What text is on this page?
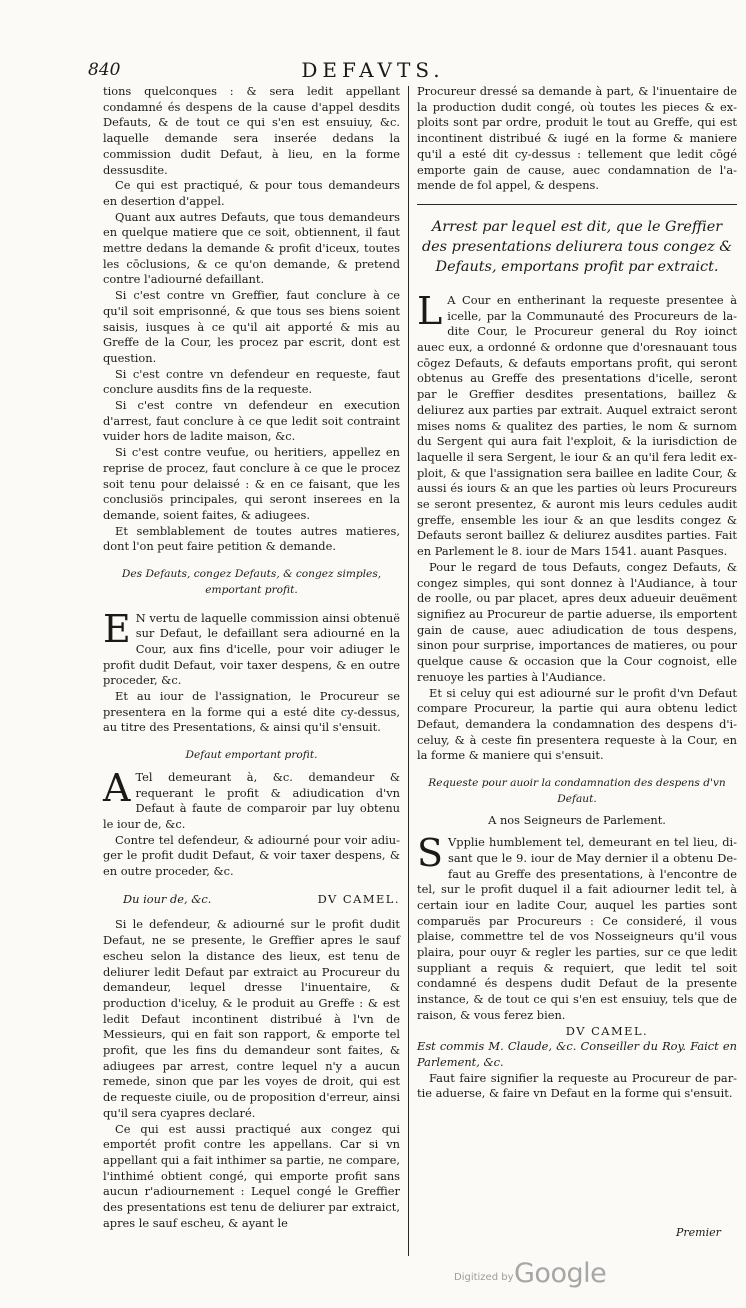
840	DEFAVTS.

tions quelconques : & sera ledit appellant condamné és despens de la cause d'appel desdits Defauts, & de tout ce qui s'en est ensuiuy, &c. laquelle demande sera inserée dedans la commission dudit Defaut, à lieu, en la forme dessusdite.

Ce qui est practiqué, & pour tous demandeurs en desertion d'appel.

Quant aux autres Defauts, que tous demandeurs en quelque matiere que ce soit, obtiennent, il faut mettre dedans la demande & profit d'iceux, toutes les cōclusions, & ce qu'on demande, & pretend contre l'adiourné defaillant.

Si c'est contre vn Greffier, faut conclure à ce qu'il soit emprisonné, & que tous ses biens soient saisis, iusques à ce qu'il ait apporté & mis au Greffe de la Cour, les procez par escrit, dont est question.

Si c'est contre vn defendeur en requeste, faut conclure ausdits fins de la requeste.

Si c'est contre vn defendeur en execution d'arrest, faut conclure à ce que ledit soit contraint vuider hors de ladite maison, &c.

Si c'est contre veufue, ou heritiers, appellez en reprise de procez, faut conclure à ce que le procez soit tenu pour delaissé : & en ce faisant, que les conclusiös principales, qui seront inserees en la demande, soient faites, & adiugees.

Et semblablement de toutes autres matieres, dont l'on peut faire petition & demande.

Des Defauts, congez Defauts, & congez simples, emportant profit.

E N vertu de laquelle commission ainsi obtenuë sur Defaut, le defaillant sera adiourné en la Cour, aux fins d'icelle, pour voir adiuger le profit dudit Defaut, voir taxer despens, & en outre proceder, &c.

Et au iour de l'assignation, le Procureur se presentera en la forme qui a esté dite cy-dessus, au titre des Presentations, & ainsi qu'il s'ensuit.

Defaut emportant profit.

A Tel demeurant à, &c. demandeur & requerant le profit & adiudication d'vn Defaut à faute de comparoir par luy obtenu le iour de, &c.

Contre tel defendeur, & adiourné pour voir adiuger le profit dudit Defaut, & voir taxer despens, & en outre proceder, &c.

Du iour de, &c.	DV CAMEL.

Si le defendeur, & adiourné sur le profit dudit Defaut, ne se presente, le Greffier apres le sauf escheu selon la distance des lieux, est tenu de deliurer ledit Defaut par extraict au Procureur du demandeur, lequel dresse l'inuentaire, & production d'iceluy, & le produit au Greffe : & est ledit Defaut incontinent distribué à l'vn de Messieurs, qui en fait son rapport, & emporte tel profit, que les fins du demandeur sont faites, & adiugees par arrest, contre lequel n'y a aucun remede, sinon que par les voyes de droit, qui est de requeste ciuile, ou de proposition d'erreur, ainsi qu'il sera cyapres declaré.

Ce qui est aussi practiqué aux congez qui emportét profit contre les appellans. Car si vn appellant qui a fait inthimer sa partie, ne compare, l'inthimé obtient congé, qui emporte profit sans aucun r'adiournement : Lequel congé le Greffier des presentations est tenu de deliurer par extraict, apres le sauf escheu, & ayant le

Procureur dressé sa demande à part, & l'inuentaire de la production dudit congé, où toutes les pieces & exploits sont par ordre, produit le tout au Greffe, qui est incontinent distribué & iugé en la forme & maniere qu'il a esté dit cy-dessus : tellement que ledit cōgé emporte gain de cause, auec condamnation de l'amende de fol appel, & despens.

Arrest par lequel est dit, que le Greffier des presentations deliurera tous congez & Defauts, emportans profit par extraict.

L A Cour en entherinant la requeste presentee à icelle, par la Communauté des Procureurs de ladite Cour, le Procureur general du Roy ioinct auec eux, a ordonné & ordonne que d'oresnauant tous cōgez Defauts, & defauts emportans profit, qui seront obtenus au Greffe des presentations d'icelle, seront par le Greffier desdites presentations, baillez & deliurez aux parties par extrait. Auquel extraict seront mises noms & qualitez des parties, le nom & surnom du Sergent qui aura fait l'exploit, & la iurisdiction de laquelle il sera Sergent, le iour & an qu'il fera ledit exploit, & que l'assignation sera baillee en ladite Cour, & aussi és iours & an que les parties où leurs Procureurs se seront presentez, & auront mis leurs cedules audit greffe, ensemble les iour & an que lesdits congez & Defauts seront baillez & deliurez ausdites parties. Fait en Parlement le 8. iour de Mars 1541. auant Pasques.

Pour le regard de tous Defauts, congez Defauts, & congez simples, qui sont donnez à l'Audiance, à tour de roolle, ou par placet, apres deux adueuir deuëment signifiez au Procureur de partie aduerse, ils emportent gain de cause, auec adiudication de tous despens, sinon pour surprise, importances de matieres, ou pour quelque cause & occasion que la Cour cognoist, elle renuoye les parties à l'Audiance.

Et si celuy qui est adiourné sur le profit d'vn Defaut compare Procureur, la partie qui aura obtenu ledict Defaut, demandera la condamnation des despens d'iceluy, & à ceste fin presentera requeste à la Cour, en la forme & maniere qui s'ensuit.

Requeste pour auoir la condamnation des despens d'vn Defaut.

A nos Seigneurs de Parlement.

S Vpplie humblement tel, demeurant en tel lieu, disant que le 9. iour de May dernier il a obtenu Defaut au Greffe des presentations, à l'encontre de tel, sur le profit duquel il a fait adiourner ledit tel, à certain iour en ladite Cour, auquel les parties sont comparuës par Procureurs : Ce consideré, il vous plaise, commettre tel de vos Nosseigneurs qu'il vous plaira, pour ouyr & regler les parties, sur ce que ledit suppliant a requis & requiert, que ledit tel soit condamné és despens dudit Defaut de la presente instance, & de tout ce qui s'en est ensuiuy, tels que de raison, & vous ferez bien.

DV CAMEL.

Est commis M. Claude, &c. Conseiller du Roy. Faict en Parlement, &c.

Faut faire signifier la requeste au Procureur de partie aduerse, & faire vn Defaut en la forme qui s'ensuit.

Premier
Digitized by Google
